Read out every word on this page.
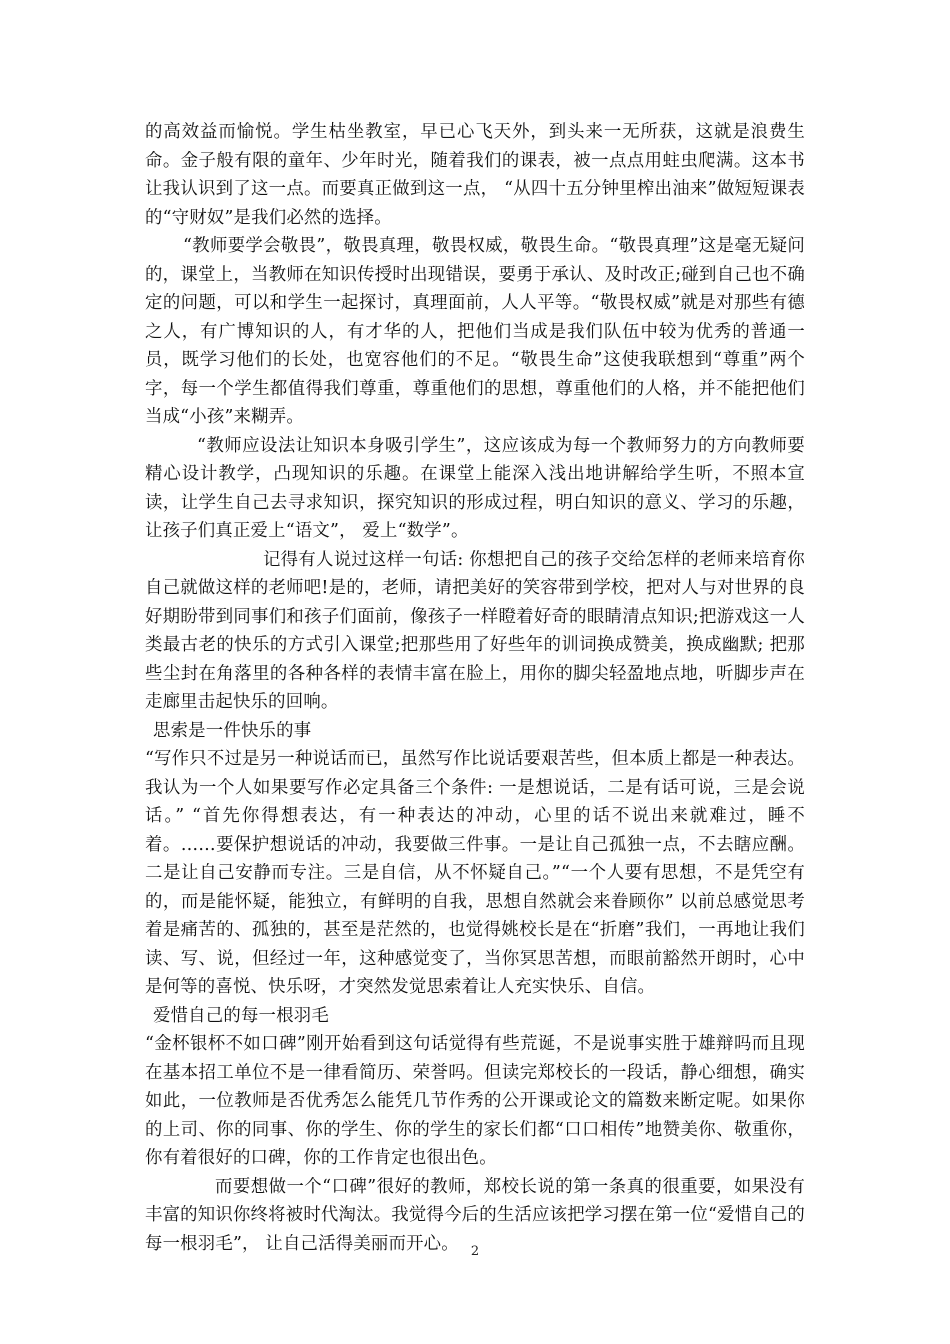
的高效益而愉悦。学生枯坐教室，早已心飞天外，到头来一无所获，这就是浪费生命。金子般有限的童年、少年时光，随着我们的课表，被一点点用蛀虫爬满。这本书让我认识到了这一点。而要真正做到这一点， “从四十五分钟里榨出油来”做短短课表的“守财奴”是我们必然的选择。

“教师要学会敬畏”，敬畏真理，敬畏权威，敬畏生命。“敬畏真理”这是毫无疑问的，课堂上，当教师在知识传授时出现错误，要勇于承认、及时改正;碰到自己也不确定的问题，可以和学生一起探讨，真理面前，人人平等。“敬畏权威”就是对那些有德之人，有广博知识的人，有才华的人，把他们当成是我们队伍中较为优秀的普通一员，既学习他们的长处，也宽容他们的不足。“敬畏生命”这使我联想到“尊重”两个字，每一个学生都值得我们尊重，尊重他们的思想，尊重他们的人格，并不能把他们当成“小孩”来糊弄。

“教师应设法让知识本身吸引学生”，这应该成为每一个教师努力的方向教师要精心设计教学，凸现知识的乐趣。在课堂上能深入浅出地讲解给学生听，不照本宣读，让学生自己去寻求知识，探究知识的形成过程，明白知识的意义、学习的乐趣，让孩子们真正爱上“语文”， 爱上“数学”。

记得有人说过这样一句话: 你想把自己的孩子交给怎样的老师来培育你自己就做这样的老师吧!是的，老师，请把美好的笑容带到学校，把对人与对世界的良好期盼带到同事们和孩子们面前，像孩子一样瞪着好奇的眼睛清点知识;把游戏这一人类最古老的快乐的方式引入课堂;把那些用了好些年的训词换成赞美，换成幽默; 把那些尘封在角落里的各种各样的表情丰富在脸上，用你的脚尖轻盈地点地，听脚步声在走廊里击起快乐的回响。

思索是一件快乐的事

“写作只不过是另一种说话而已，虽然写作比说话要艰苦些，但本质上都是一种表达。我认为一个人如果要写作必定具备三个条件: 一是想说话，二是有话可说，三是会说话。” “首先你得想表达，有一种表达的冲动，心里的话不说出来就难过，睡不着。……要保护想说话的冲动，我要做三件事。一是让自己孤独一点，不去瞎应酬。二是让自己安静而专注。三是自信，从不怀疑自己。”“一个人要有思想，不是凭空有的，而是能怀疑，能独立，有鲜明的自我，思想自然就会来眷顾你” 以前总感觉思考着是痛苦的、孤独的，甚至是茫然的，也觉得姚校长是在“折磨”我们，一再地让我们读、写、说，但经过一年，这种感觉变了，当你冥思苦想，而眼前豁然开朗时，心中是何等的喜悦、快乐呀，才突然发觉思索着让人充实快乐、自信。

爱惜自己的每一根羽毛

“金杯银杯不如口碑”刚开始看到这句话觉得有些荒诞，不是说事实胜于雄辩吗而且现在基本招工单位不是一律看简历、荣誉吗。但读完郑校长的一段话，静心细想，确实如此，一位教师是否优秀怎么能凭几节作秀的公开课或论文的篇数来断定呢。如果你的上司、你的同事、你的学生、你的学生的家长们都“口口相传”地赞美你、敬重你，你有着很好的口碑，你的工作肯定也很出色。

而要想做一个“口碑”很好的教师，郑校长说的第一条真的很重要，如果没有丰富的知识你终将被时代淘汰。我觉得今后的生活应该把学习摆在第一位“爱惜自己的每一根羽毛”， 让自己活得美丽而开心。 2
